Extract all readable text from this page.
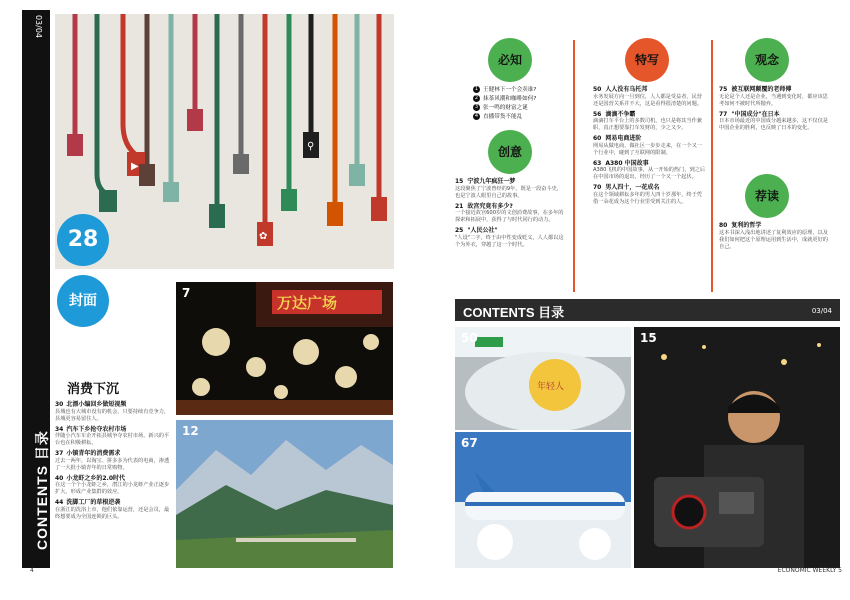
03/04
CONTENTS 目录
▶
✿
⚲
28
封面	万达广场
7
12
消费下沉
30 北漂小编回乡做短视频
县城也有大城市没有的机会，只要持续有竞争力，县城更容易留住人。
34 汽车下乡抢夺农村市场
伴随小汽车车企开拓县城争夺农村市场，新兴的平台也在积极耕耘。
37 小镇青年的消费需求
过去一两年，以淘宝、拼多多为代表的电商，渗透了一大批小镇青年的日常购物。
40 小龙虾之乡的2.0时代
在这一个个小龙虾之乡，潜江的小龙虾产业正逐步扩大，形成产业集群的效应。
44 洗脚工厂的草根逆袭
在浙江的洗浴上市，他们依靠运营，还是会员，最终想要成为全国连锁的巨头。
4
必知
创意
特写	观念
荐读
1 王健林下一个会卖谁?
2 抹茶风潮和咖啡如何?
3 张一鸣的财富之谜
4 直播带货不能乱
15 宁波九年疯狂一梦
这段聚焦了宁波曾经的9年，既是一段奋斗史，也是宁波人眼里自己的故事。
21 故宫究竟有多少?
一个接近故宫600岁的文创消费故事，在多年的探索和拓展中，获得了与时代同行的动力。
25 "人民公社"
"人设"二字，终于由中性变成贬义，人人都以这个为外衣，穿越了这一个时代。
50 人人没有乌托邦
水务发展方向一旦到位，人人都是受益者，民营还是国营关系并不大，这是看得很清楚的问题。
56 滴滴不争霸
滴滴打车平台上的多数司机，也只是将其当作兼职，真正想要靠打车发财的，少之又少。
60 网易电商进阶
网易从做电商、做社区一步步走来，在一个又一个行业中，碰到了互联网的限制。
63 A380 中国故事
A380飞机的中国故事，从一开始的热门，到之后在中国市场的退出，经历了一个又一个起伏。
70 男人四十，一花成名
在这个领域耕耘多年的男人四十岁那年，终于凭借一朵花成为这个行业里受到关注的人。
75 被互联网颠覆的老师傅
无论是个人还是企业，当遇到变化时，都应该思考如何不被时代所抛弃。
77 "中国成分"在日本
日本市场最近的中国成分越来越多，这不仅仅是中国企业的胜利，也反映了日本的变化。
80 复利的哲学
这本书深入浅出地讲述了复利效应的原理，以及我们如何把这个原理运用到生活中，成就更好的自己。
CONTENTS 目录	03/04
年轻人
50
67
15
ECONOMIC WEEKLY 5
